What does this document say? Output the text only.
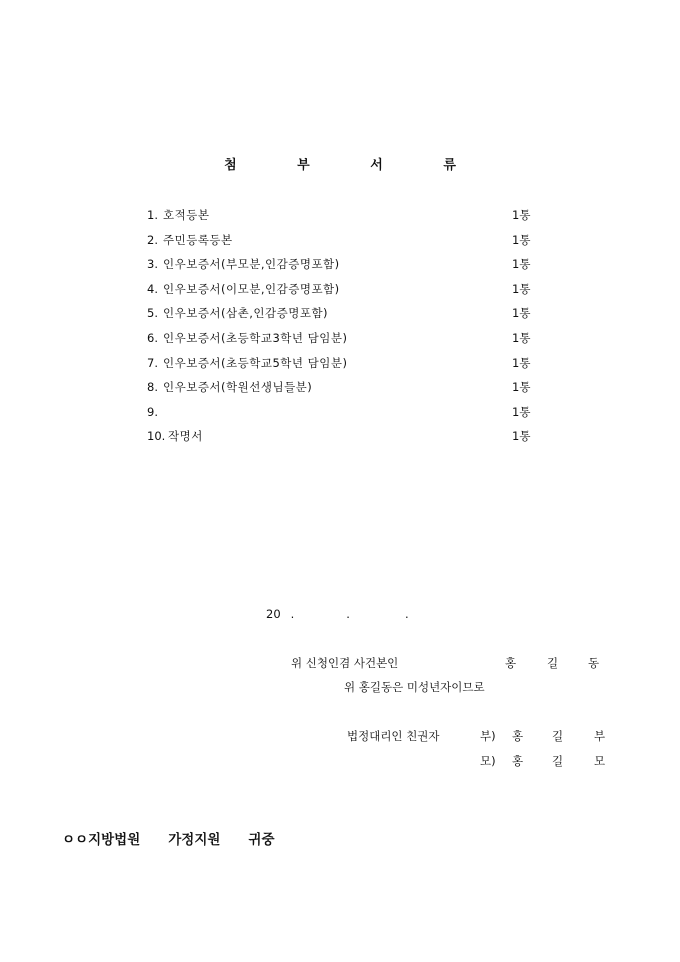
첨 부 서 류
1. 호적등본	1통
2. 주민등록등본	1통
3. 인우보증서(부모분,인감증명포함)	1통
4. 인우보증서(이모분,인감증명포함)	1통
5. 인우보증서(삼촌,인감증명포함)	1통
6. 인우보증서(초등학교3학년 담임분)	1통
7. 인우보증서(초등학교5학년 담임분)	1통
8. 인우보증서(학원선생님들분)	1통
9.	1통
10. 작명서	1통
20 .	.	.
위 신청인겸 사건본인	홍	길	동
위 홍길동은 미성년자이므로
법정대리인 친권자	부) 홍	길	부
모) 홍	길	모
ㅇㅇ지방법원 가정지원 귀중
